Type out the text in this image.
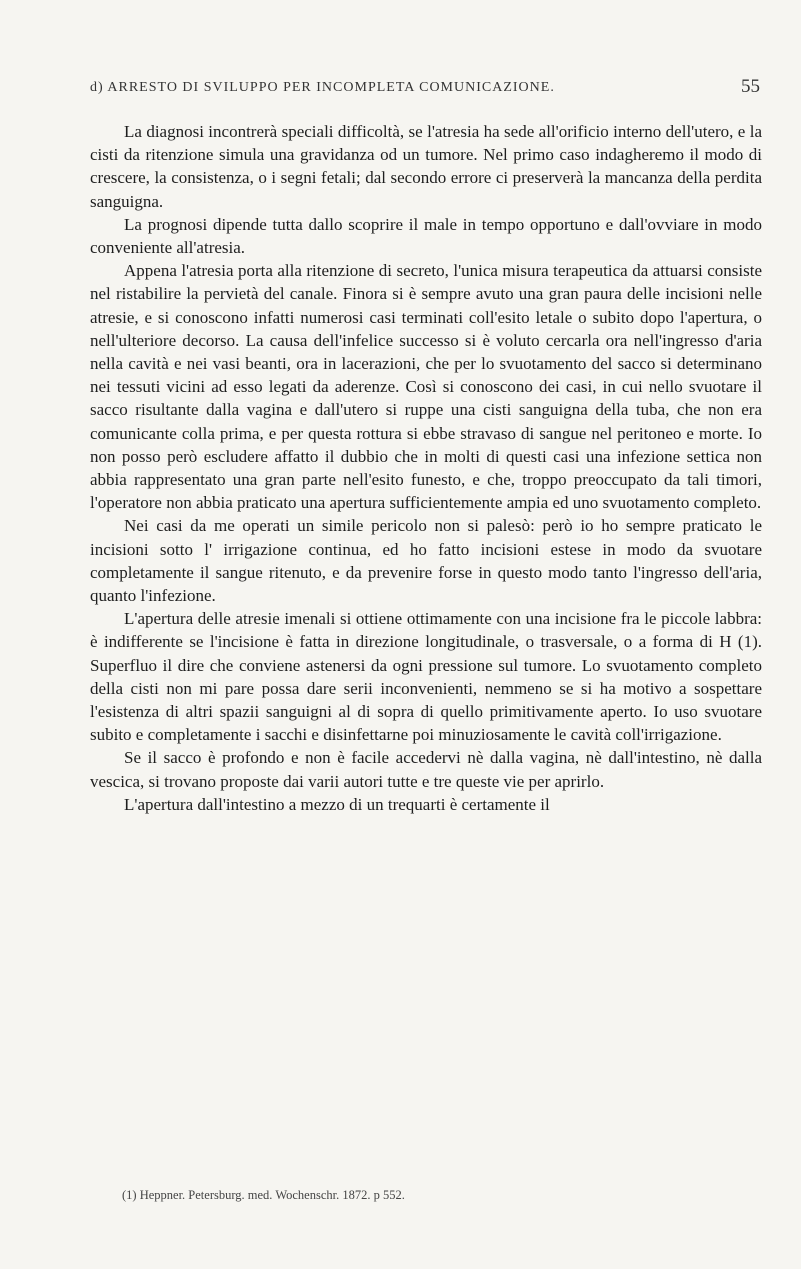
d) ARRESTO DI SVILUPPO PER INCOMPLETA COMUNICAZIONE.	55

La diagnosi incontrerà speciali difficoltà, se l'atresia ha sede all'orificio interno dell'utero, e la cisti da ritenzione simula una gravidanza od un tumore. Nel primo caso indagheremo il modo di crescere, la consistenza, o i segni fetali; dal secondo errore ci preserverà la mancanza della perdita sanguigna.

La prognosi dipende tutta dallo scoprire il male in tempo opportuno e dall'ovviare in modo conveniente all'atresia.

Appena l'atresia porta alla ritenzione di secreto, l'unica misura terapeutica da attuarsi consiste nel ristabilire la pervietà del canale. Finora si è sempre avuto una gran paura delle incisioni nelle atresie, e si conoscono infatti numerosi casi terminati coll'esito letale o subito dopo l'apertura, o nell'ulteriore decorso. La causa dell'infelice successo si è voluto cercarla ora nell'ingresso d'aria nella cavità e nei vasi beanti, ora in lacerazioni, che per lo svuotamento del sacco si determinano nei tessuti vicini ad esso legati da aderenze. Così si conoscono dei casi, in cui nello svuotare il sacco risultante dalla vagina e dall'utero si ruppe una cisti sanguigna della tuba, che non era comunicante colla prima, e per questa rottura si ebbe stravaso di sangue nel peritoneo e morte. Io non posso però escludere affatto il dubbio che in molti di questi casi una infezione settica non abbia rappresentato una gran parte nell'esito funesto, e che, troppo preoccupato da tali timori, l'operatore non abbia praticato una apertura sufficientemente ampia ed uno svuotamento completo.

Nei casi da me operati un simile pericolo non si palesò: però io ho sempre praticato le incisioni sotto l' irrigazione continua, ed ho fatto incisioni estese in modo da svuotare completamente il sangue ritenuto, e da prevenire forse in questo modo tanto l'ingresso dell'aria, quanto l'infezione.

L'apertura delle atresie imenali si ottiene ottimamente con una incisione fra le piccole labbra: è indifferente se l'incisione è fatta in direzione longitudinale, o trasversale, o a forma di H (1). Superfluo il dire che conviene astenersi da ogni pressione sul tumore. Lo svuotamento completo della cisti non mi pare possa dare serii inconvenienti, nemmeno se si ha motivo a sospettare l'esistenza di altri spazii sanguigni al di sopra di quello primitivamente aperto. Io uso svuotare subito e completamente i sacchi e disinfettarne poi minuziosamente le cavità coll'irrigazione.

Se il sacco è profondo e non è facile accedervi nè dalla vagina, nè dall'intestino, nè dalla vescica, si trovano proposte dai varii autori tutte e tre queste vie per aprirlo.

L'apertura dall'intestino a mezzo di un trequarti è certamente il

(1) Heppner. Petersburg. med. Wochenschr. 1872. p 552.
